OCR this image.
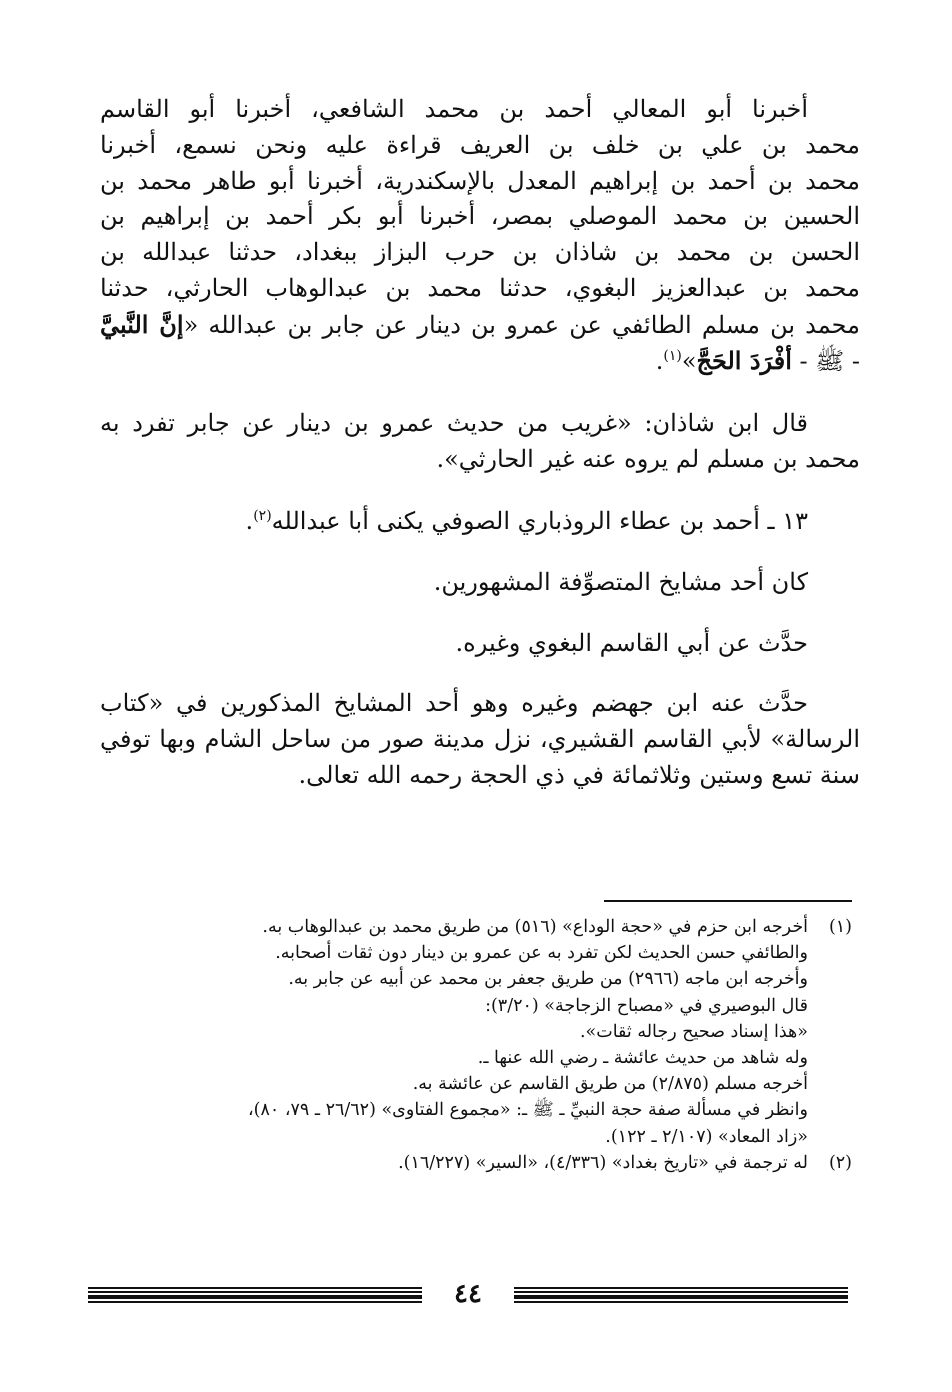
أخبرنا أبو المعالي أحمد بن محمد الشافعي، أخبرنا أبو القاسم
محمد بن علي بن خلف بن العريف قراءة عليه ونحن نسمع، أخبرنا
محمد بن أحمد بن إبراهيم المعدل بالإسكندرية، أخبرنا أبو طاهر محمد بن
الحسين بن محمد الموصلي بمصر، أخبرنا أبو بكر أحمد بن إبراهيم بن
الحسن بن محمد بن شاذان بن حرب البزاز ببغداد، حدثنا عبدالله بن
محمد بن عبدالعزيز البغوي، حدثنا محمد بن عبدالوهاب الحارثي، حدثنا
محمد بن مسلم الطائفي عن عمرو بن دينار عن جابر بن عبدالله «إنَّ النَّبيَّ
- ﷺ - أفْرَدَ الحَجَّ»$^{(١)}$.
قال ابن شاذان: «غريب من حديث عمرو بن دينار عن جابر تفرد به
محمد بن مسلم لم يروه عنه غير الحارثي».
١٣ ـ أحمد بن عطاء الروذباري الصوفي يكنى أبا عبدالله$^{(٢)}$.
كان أحد مشايخ المتصوِّفة المشهورين.
حدَّث عن أبي القاسم البغوي وغيره.
حدَّث عنه ابن جهضم وغيره وهو أحد المشايخ المذكورين في «كتاب
الرسالة» لأبي القاسم القشيري، نزل مدينة صور من ساحل الشام وبها توفي
سنة تسع وستين وثلاثمائة في ذي الحجة رحمه الله تعالى.
(١)
أخرجه ابن حزم في «حجة الوداع» (٥١٦) من طريق محمد بن عبدالوهاب به.
والطائفي حسن الحديث لكن تفرد به عن عمرو بن دينار دون ثقات أصحابه.
وأخرجه ابن ماجه (٢٩٦٦) من طريق جعفر بن محمد عن أبيه عن جابر به.
قال البوصيري في «مصباح الزجاجة» (٣/٢٠):
«هذا إسناد صحيح رجاله ثقات».
وله شاهد من حديث عائشة ـ رضي الله عنها ـ.
أخرجه مسلم (٢/٨٧٥) من طريق القاسم عن عائشة به.
وانظر في مسألة صفة حجة النبيِّ ـ ﷺ ـ: «مجموع الفتاوى» (٢٦/٦٢ ـ ٧٩، ٨٠)،
«زاد المعاد» (٢/١٠٧ ـ ١٢٢).
(٢)
له ترجمة في «تاريخ بغداد» (٤/٣٣٦)، «السير» (١٦/٢٢٧).
٤٤
